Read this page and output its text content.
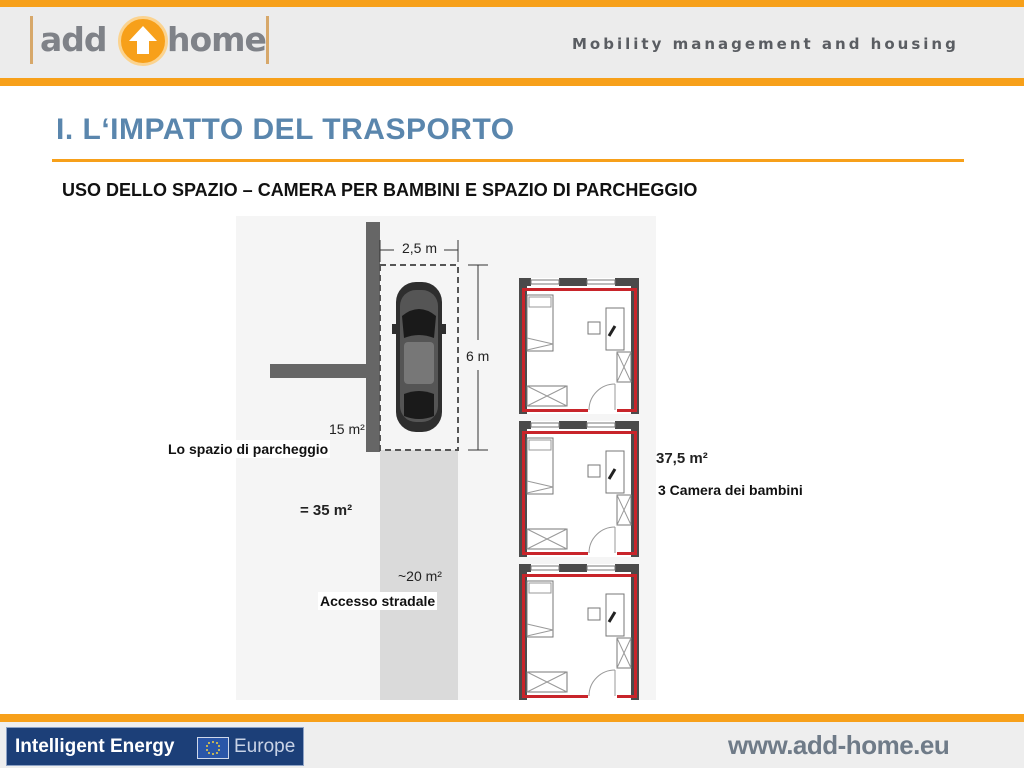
add home	Mobility management and housing
I. L‘IMPATTO DEL TRASPORTO
USO DELLO SPAZIO – CAMERA PER BAMBINI E SPAZIO DI PARCHEGGIO
2,5 m
6 m
15 m²
= 35 m²
~20 m²
37,5 m²
Lo spazio di parcheggio
3 Camera dei bambini
Accesso stradale
Intelligent Energy	Europe	www.add-home.eu
